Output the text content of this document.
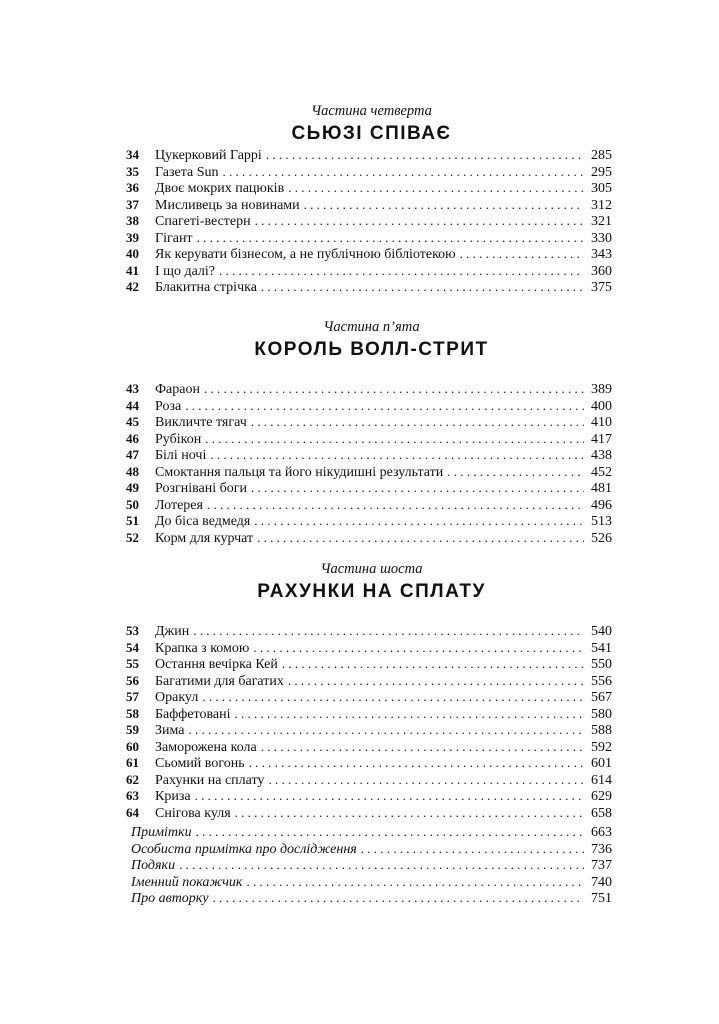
Частина четверта

СЬЮЗІ СПІВАЄ
34	Цукерковий Гаррі . . .	285
35	Газета Sun . . .	295
36	Двоє мокрих пацюків . . .	305
37	Мисливець за новинами . . .	312
38	Спагеті-вестерн . . .	321
39	Гігант . . .	330
40	Як керувати бізнесом, а не публічною бібліотекою . . .	343
41	І що далі? . . .	360
42	Блакитна стрічка . . .	375

Частина п’ята

КОРОЛЬ ВОЛЛ-СТРИТ
43	Фараон . . .	389
44	Роза . . .	400
45	Викличте тягач . . .	410
46	Рубікон . . .	417
47	Білі ночі . . .	438
48	Смоктання пальця та його нікудишні результати . . .	452
49	Розгнівані боги . . .	481
50	Лотерея . . .	496
51	До біса ведмедя . . .	513
52	Корм для курчат . . .	526

Частина шоста

РАХУНКИ НА СПЛАТУ
53	Джин . . .	540
54	Крапка з комою . . .	541
55	Остання вечірка Кей . . .	550
56	Багатими для багатих . . .	556
57	Оракул . . .	567
58	Баффетовані . . .	580
59	Зима . . .	588
60	Заморожена кола . . .	592
61	Сьомий вогонь . . .	601
62	Рахунки на сплату . . .	614
63	Криза . . .	629
64	Снігова куля . . .	658
Примітки . . .	663
Особиста примітка про дослідження . . .	736
Подяки . . .	737
Іменний покажчик . . .	740
Про авторку . . .	751
